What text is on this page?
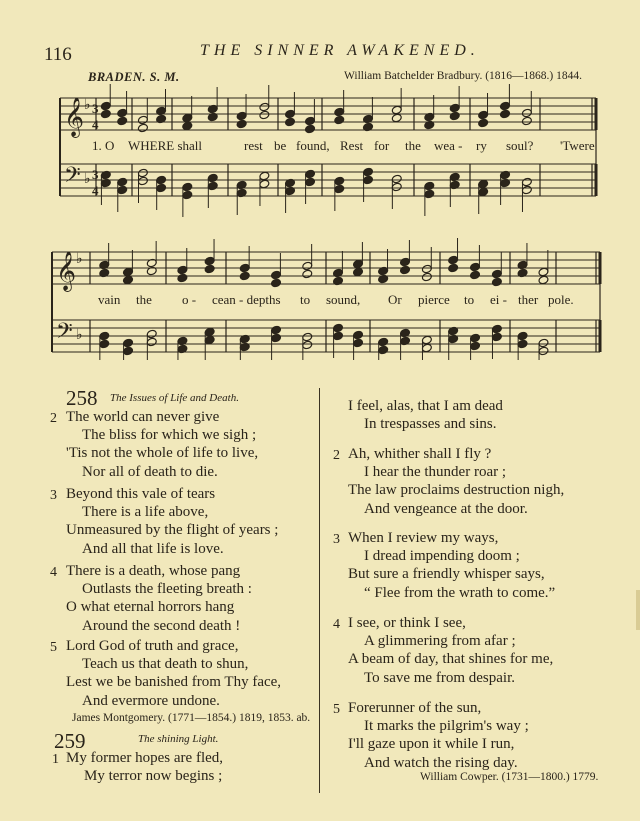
116	THE SINNER AWAKENED.
BRADEN. S. M.	William Batchelder Bradbury. (1816—1868.) 1844.
𝄞 ♭ 3
4
𝄢 ♭ 3
4
𝄞 ♭
𝄢 ♭
1. O WHERE shall	rest be found, Rest for the wea - ry soul? 'Twere
vain the o - cean - depths to sound, Or pierce to ei - ther pole.
258 The Issues of Life and Death.
2 The world can never give
The bliss for which we sigh ;
'Tis not the whole of life to live,
Nor all of death to die.
3 Beyond this vale of tears
There is a life above,
Unmeasured by the flight of years ;
And all that life is love.
4 There is a death, whose pang
Outlasts the fleeting breath :
O what eternal horrors hang
Around the second death !
5 Lord God of truth and grace,
Teach us that death to shun,
Lest we be banished from Thy face,
And evermore undone.
James Montgomery. (1771—1854.) 1819, 1853. ab.
259	The shining Light.
1 My former hopes are fled,
My terror now begins ;
I feel, alas, that I am dead
In trespasses and sins.
2 Ah, whither shall I fly ?
I hear the thunder roar ;
The law proclaims destruction nigh,
And vengeance at the door.
3 When I review my ways,
I dread impending doom ;
But sure a friendly whisper says,
“ Flee from the wrath to come.”
4 I see, or think I see,
A glimmering from afar ;
A beam of day, that shines for me,
To save me from despair.
5 Forerunner of the sun,
It marks the pilgrim's way ;
I'll gaze upon it while I run,
And watch the rising day.
William Cowper. (1731—1800.) 1779.
